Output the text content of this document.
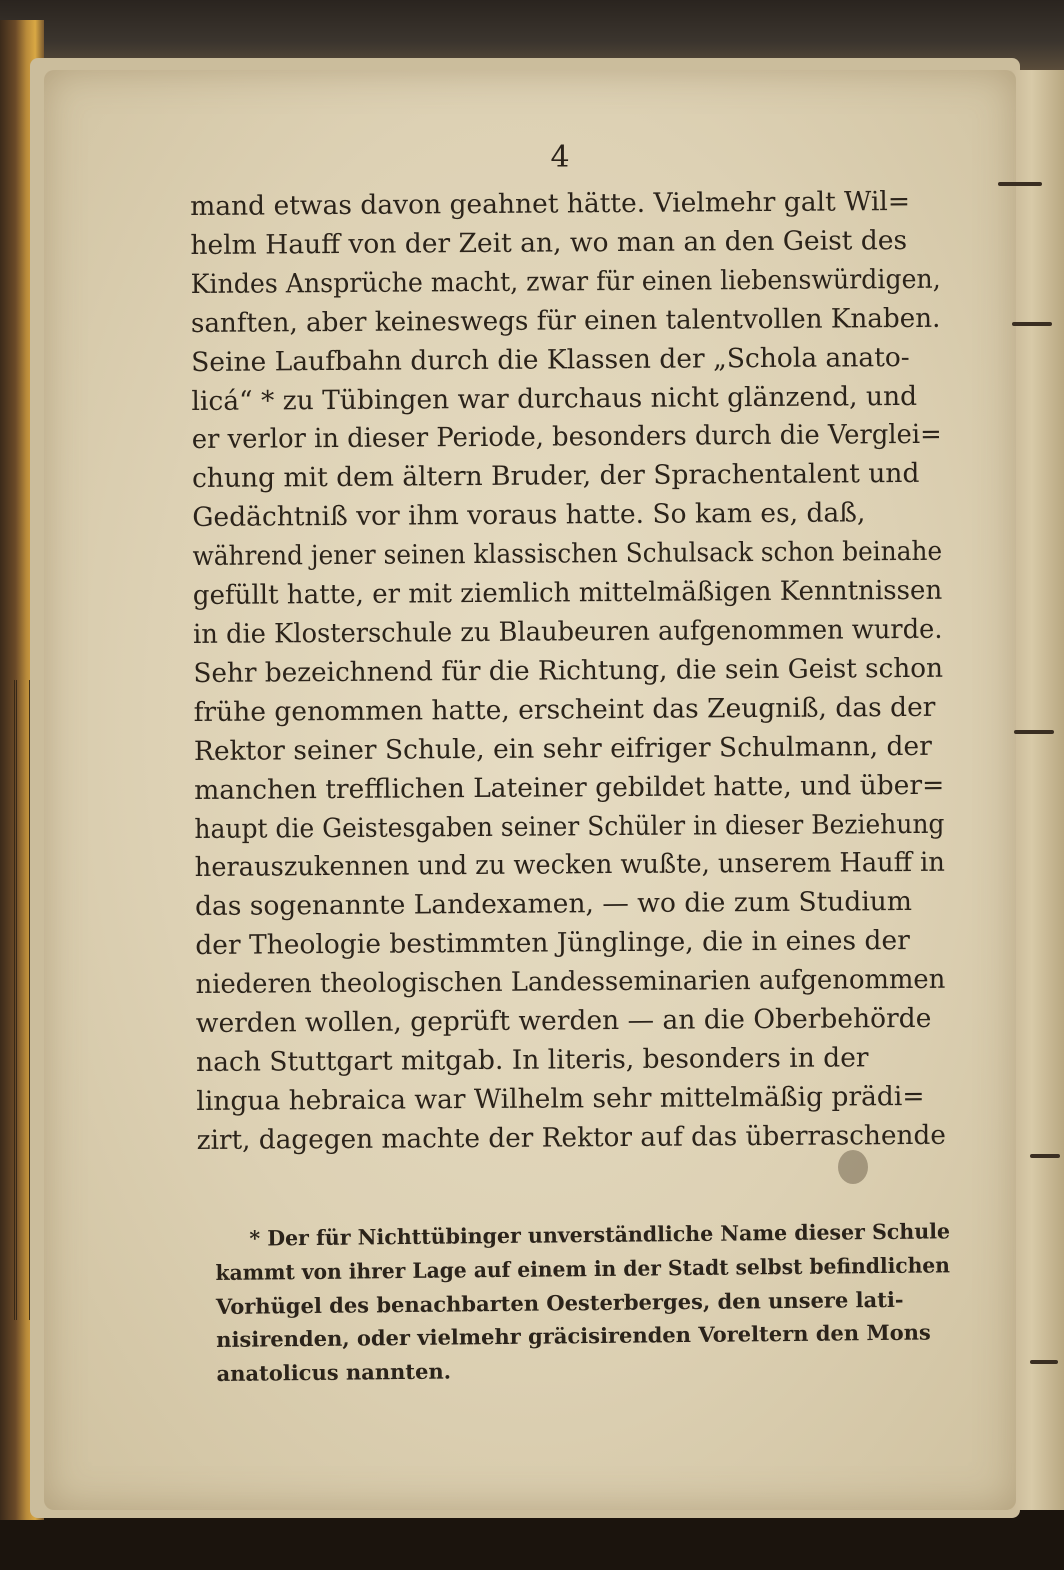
4
mand etwas davon geahnet hätte. Vielmehr galt Wil=
helm Hauff von der Zeit an, wo man an den Geist des
Kindes Ansprüche macht, zwar für einen liebenswürdigen,
sanften, aber keineswegs für einen talentvollen Knaben.
Seine Laufbahn durch die Klassen der „Schola anato-
licá“ * zu Tübingen war durchaus nicht glänzend, und
er verlor in dieser Periode, besonders durch die Verglei=
chung mit dem ältern Bruder, der Sprachentalent und
Gedächtniß vor ihm voraus hatte. So kam es, daß,
während jener seinen klassischen Schulsack schon beinahe
gefüllt hatte, er mit ziemlich mittelmäßigen Kenntnissen
in die Klosterschule zu Blaubeuren aufgenommen wurde.
Sehr bezeichnend für die Richtung, die sein Geist schon
frühe genommen hatte, erscheint das Zeugniß, das der
Rektor seiner Schule, ein sehr eifriger Schulmann, der
manchen trefflichen Lateiner gebildet hatte, und über=
haupt die Geistesgaben seiner Schüler in dieser Beziehung
herauszukennen und zu wecken wußte, unserem Hauff in
das sogenannte Landexamen, — wo die zum Studium
der Theologie bestimmten Jünglinge, die in eines der
niederen theologischen Landesseminarien aufgenommen
werden wollen, geprüft werden — an die Oberbehörde
nach Stuttgart mitgab. In literis, besonders in der
lingua hebraica war Wilhelm sehr mittelmäßig prädi=
zirt, dagegen machte der Rektor auf das überraschende
* Der für Nichttübinger unverständliche Name dieser Schule
kammt von ihrer Lage auf einem in der Stadt selbst befindlichen
Vorhügel des benachbarten Oesterberges, den unsere lati-
nisirenden, oder vielmehr gräcisirenden Voreltern den Mons
anatolicus nannten.
